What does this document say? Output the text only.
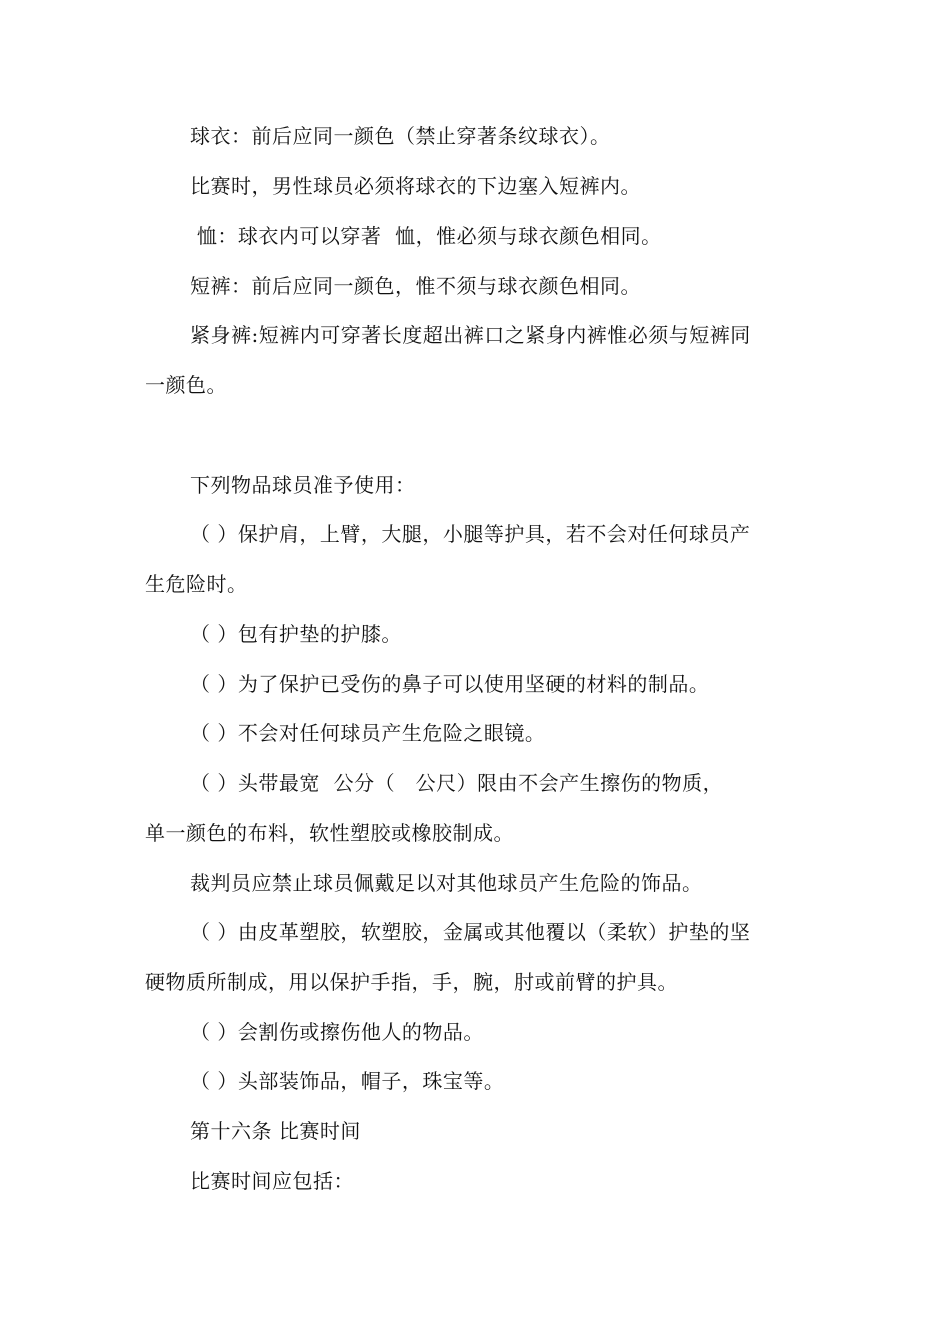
球衣：前后应同一颜色（禁止穿著条纹球衣）。
比赛时，男性球员必须将球衣的下边塞入短裤内。
恤：球衣内可以穿著  恤，惟必须与球衣颜色相同。
短裤：前后应同一颜色，惟不须与球衣颜色相同。
紧身裤:短裤内可穿著长度超出裤口之紧身内裤惟必须与短裤同
一颜色。
下列物品球员准予使用：
（ ）保护肩，上臂，大腿，小腿等护具，若不会对任何球员产
生危险时。
（ ）包有护垫的护膝。
（ ）为了保护已受伤的鼻子可以使用坚硬的材料的制品。
（ ）不会对任何球员产生危险之眼镜。
（ ）头带最宽  公分（   公尺）限由不会产生擦伤的物质，
单一颜色的布料，软性塑胶或橡胶制成。
裁判员应禁止球员佩戴足以对其他球员产生危险的饰品。
（ ）由皮革塑胶，软塑胶，金属或其他覆以（柔软）护垫的坚
硬物质所制成，用以保护手指，手，腕，肘或前臂的护具。
（ ）会割伤或擦伤他人的物品。
（ ）头部装饰品，帽子，珠宝等。
第十六条 比赛时间
比赛时间应包括：
